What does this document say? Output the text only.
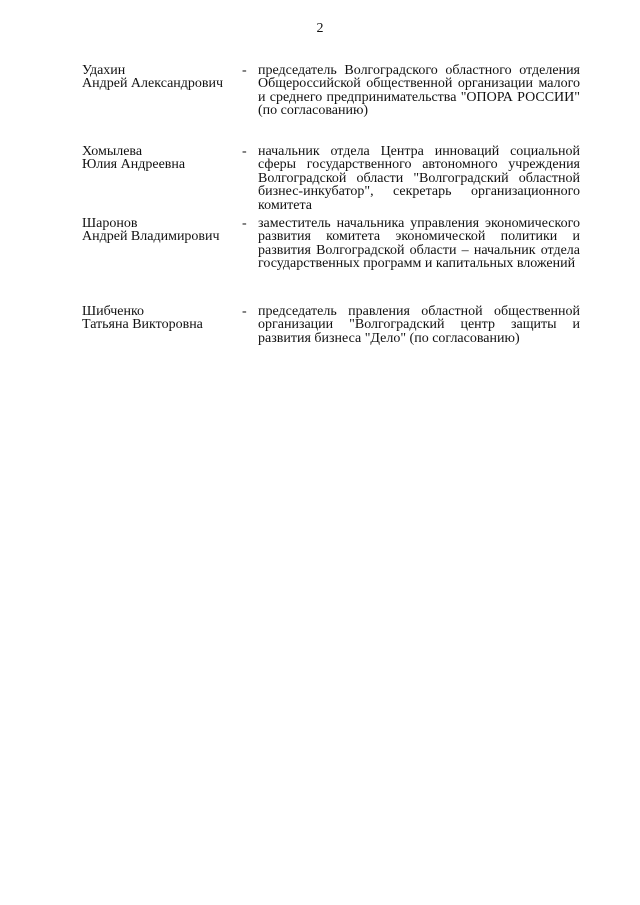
2
Удахин
Андрей Александрович
- председатель Волгоградского областного отделения Общероссийской общественной организации малого и среднего предпринимательства "ОПОРА РОССИИ" (по согласованию)
Хомылева
Юлия Андреевна
- начальник отдела Центра инноваций социальной сферы государственного автономного учреждения Волгоградской области "Волгоградский областной бизнес-инкубатор", секретарь организационного комитета
Шаронов
Андрей Владимирович
- заместитель начальника управления экономического развития комитета экономической политики и развития Волгоградской области – начальник отдела государственных программ и капитальных вложений
Шибченко
Татьяна Викторовна
- председатель правления областной общественной организации "Волгоградский центр защиты и развития бизнеса "Дело" (по согласованию)
